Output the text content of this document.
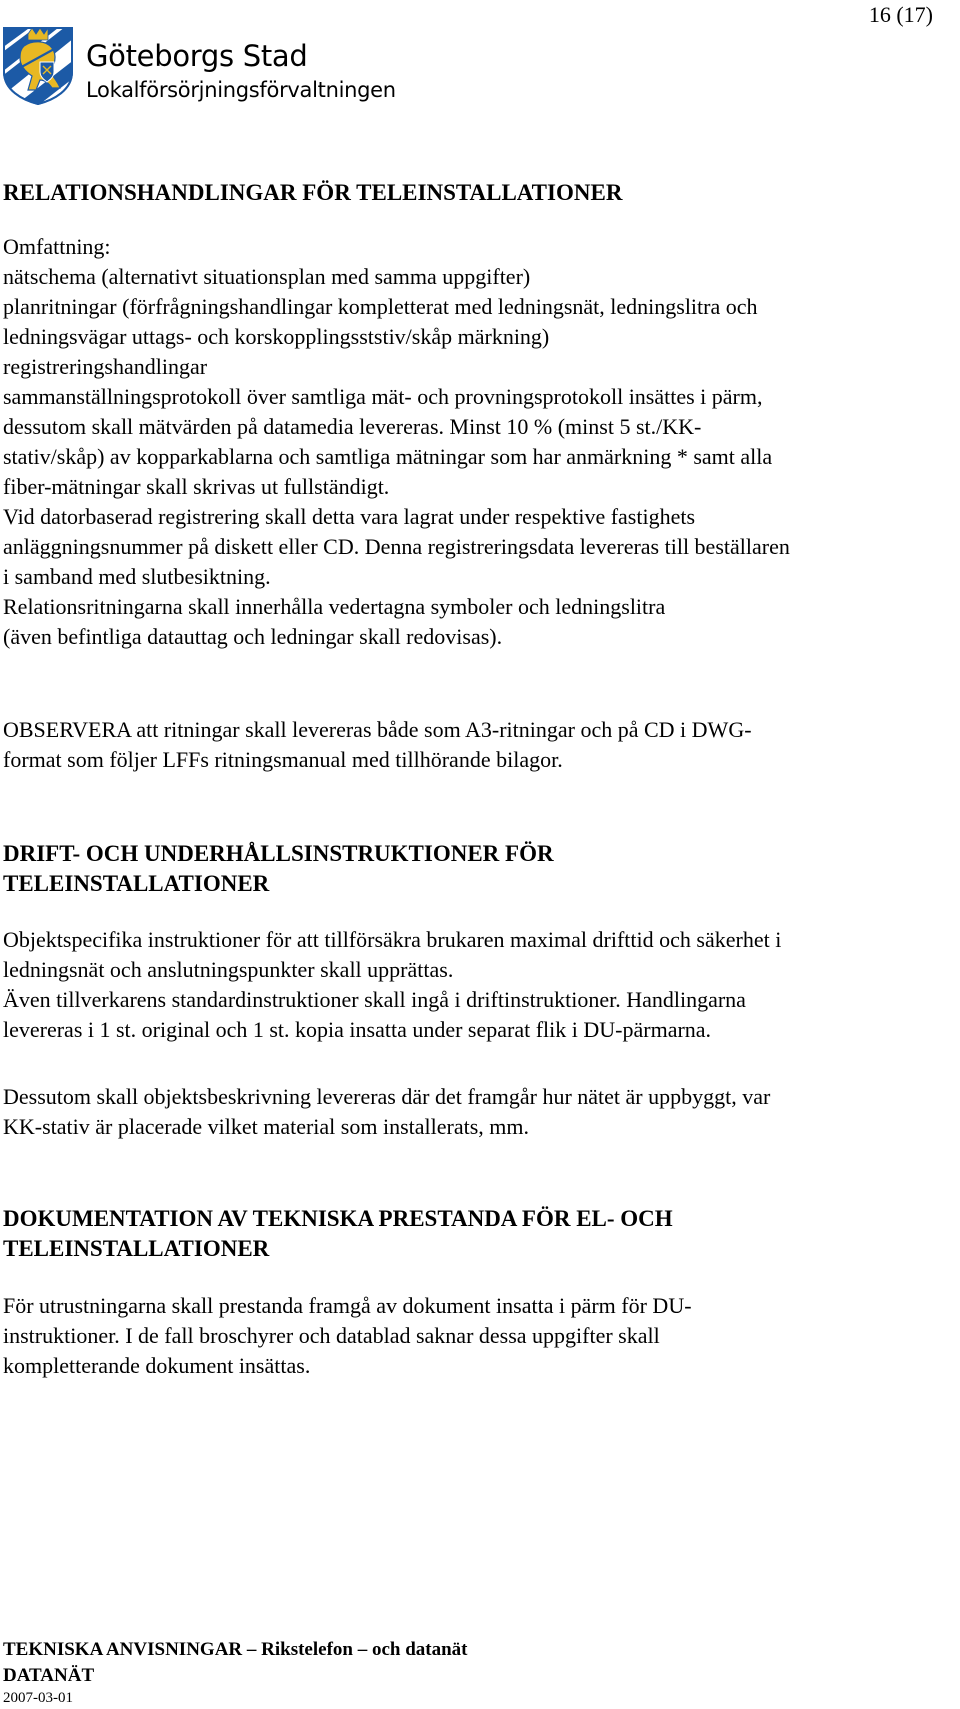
16 (17)
Göteborgs Stad
Lokalförsörjningsförvaltningen
RELATIONSHANDLINGAR FÖR TELEINSTALLATIONER

Omfattning:

nätschema (alternativt situationsplan med samma uppgifter)

planritningar (förfrågningshandlingar kompletterat med ledningsnät, ledningslitra och

ledningsvägar uttags- och korskopplingsststiv/skåp märkning)

registreringshandlingar

sammanställningsprotokoll över samtliga mät- och provningsprotokoll insättes i pärm,

dessutom skall mätvärden på datamedia levereras. Minst 10 % (minst 5 st./KK-

stativ/skåp) av kopparkablarna och samtliga mätningar som har anmärkning * samt alla

fiber-mätningar skall skrivas ut fullständigt.

Vid datorbaserad registrering skall detta vara lagrat under respektive fastighets

anläggningsnummer på diskett eller CD. Denna registreringsdata levereras till beställaren

i samband med slutbesiktning.

Relationsritningarna skall innerhålla vedertagna symboler och ledningslitra

(även befintliga datauttag och ledningar skall redovisas).

OBSERVERA att ritningar skall levereras både som A3-ritningar och på CD i DWG-

format som följer LFFs ritningsmanual med tillhörande bilagor.

DRIFT- OCH UNDERHÅLLSINSTRUKTIONER FÖR
TELEINSTALLATIONER

Objektspecifika instruktioner för att tillförsäkra brukaren maximal drifttid och säkerhet i

ledningsnät och anslutningspunkter skall upprättas.

Även tillverkarens standardinstruktioner skall ingå i driftinstruktioner. Handlingarna

levereras i 1 st. original och 1 st. kopia insatta under separat flik i DU-pärmarna.

Dessutom skall objektsbeskrivning levereras där det framgår hur nätet är uppbyggt, var

KK-stativ är placerade vilket material som installerats, mm.

DOKUMENTATION AV TEKNISKA PRESTANDA FÖR EL- OCH
TELEINSTALLATIONER

För utrustningarna skall prestanda framgå av dokument insatta i pärm för DU-

instruktioner. I de fall broschyrer och datablad saknar dessa uppgifter skall

kompletterande dokument insättas.

TEKNISKA ANVISNINGAR – Rikstelefon – och datanät
DATANÄT
2007-03-01
